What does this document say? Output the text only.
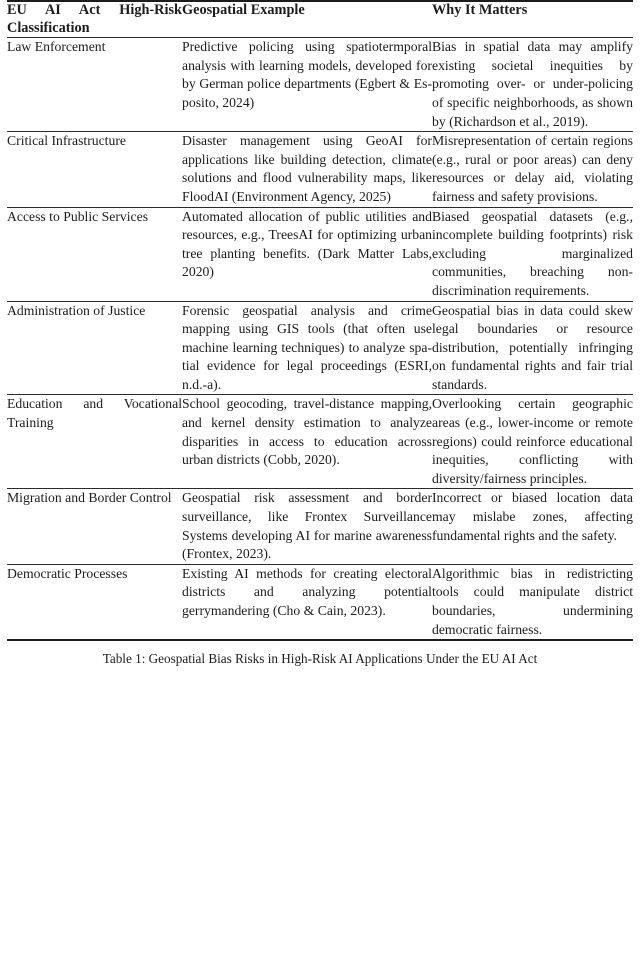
EU AI Act High-Risk Classification	Geospatial Example	Why It Matters
Law Enforcement	Predictive policing using spatiotermporal analysis with learning models, developed for by German police departments (Egbert & Esposito, 2024)	Bias in spatial data may amplify existing societal inequities by promoting over- or under-policing of specific neighborhoods, as shown by (Richardson et al., 2019).
Critical Infrastructure	Disaster management using GeoAI for applications like building detection, climate solutions and flood vulnerability maps, like FloodAI (Environment Agency, 2025)	Misrepresentation of certain regions (e.g., rural or poor areas) can deny resources or delay aid, violating fairness and safety provisions.
Access to Public Services	Automated allocation of public utilities and resources, e.g., TreesAI for optimizing urban tree planting benefits. (Dark Matter Labs, 2020)	Biased geospatial datasets (e.g., incomplete building footprints) risk excluding marginalized communities, breaching non-discrimination requirements.
Administration of Justice	Forensic geospatial analysis and crime mapping using GIS tools (that often use machine learning techniques) to analyze spatial evidence for legal proceedings (ESRI, n.d.-a).	Geospatial bias in data could skew legal boundaries or resource distribution, potentially infringing on fundamental rights and fair trial standards.
Education and Vocational Training	School geocoding, travel-distance mapping, and kernel density estimation to analyze disparities in access to education across urban districts (Cobb, 2020).	Overlooking certain geographic areas (e.g., lower-income or remote regions) could reinforce educational inequities, conflicting with diversity/fairness principles.
Migration and Border Control	Geospatial risk assessment and border surveillance, like Frontex Surveillance Systems developing AI for marine awareness (Frontex, 2023).	Incorrect or biased location data may mislabe zones, affecting fundamental rights and the safety.
Democratic Processes	Existing AI methods for creating electoral districts and analyzing potential gerrymandering (Cho & Cain, 2023).	Algorithmic bias in redistricting tools could manipulate district boundaries, undermining democratic fairness.
Table 1: Geospatial Bias Risks in High-Risk AI Applications Under the EU AI Act
